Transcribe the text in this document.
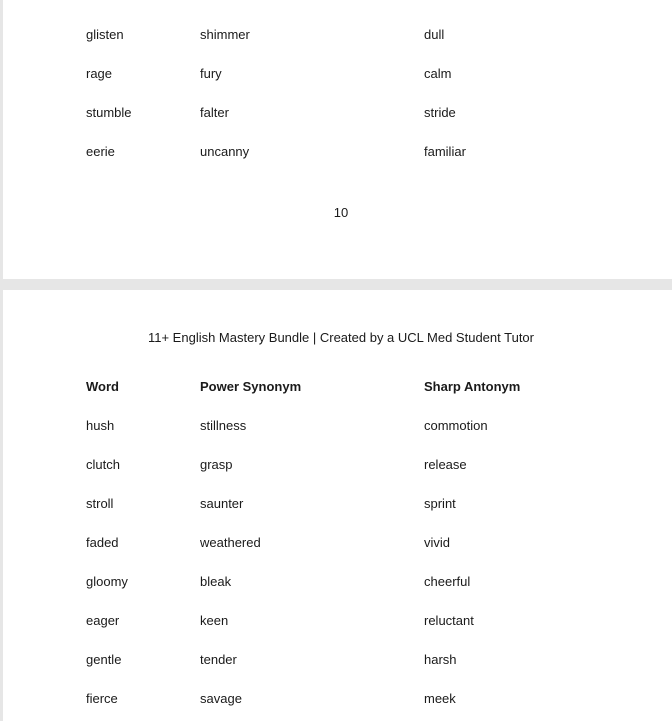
glisten	shimmer	dull
rage	fury	calm
stumble	falter	stride
eerie	uncanny	familiar
10
11+ English Mastery Bundle | Created by a UCL Med Student Tutor
Word	Power Synonym	Sharp Antonym
hush	stillness	commotion
clutch	grasp	release
stroll	saunter	sprint
faded	weathered	vivid
gloomy	bleak	cheerful
eager	keen	reluctant
gentle	tender	harsh
fierce	savage	meek
